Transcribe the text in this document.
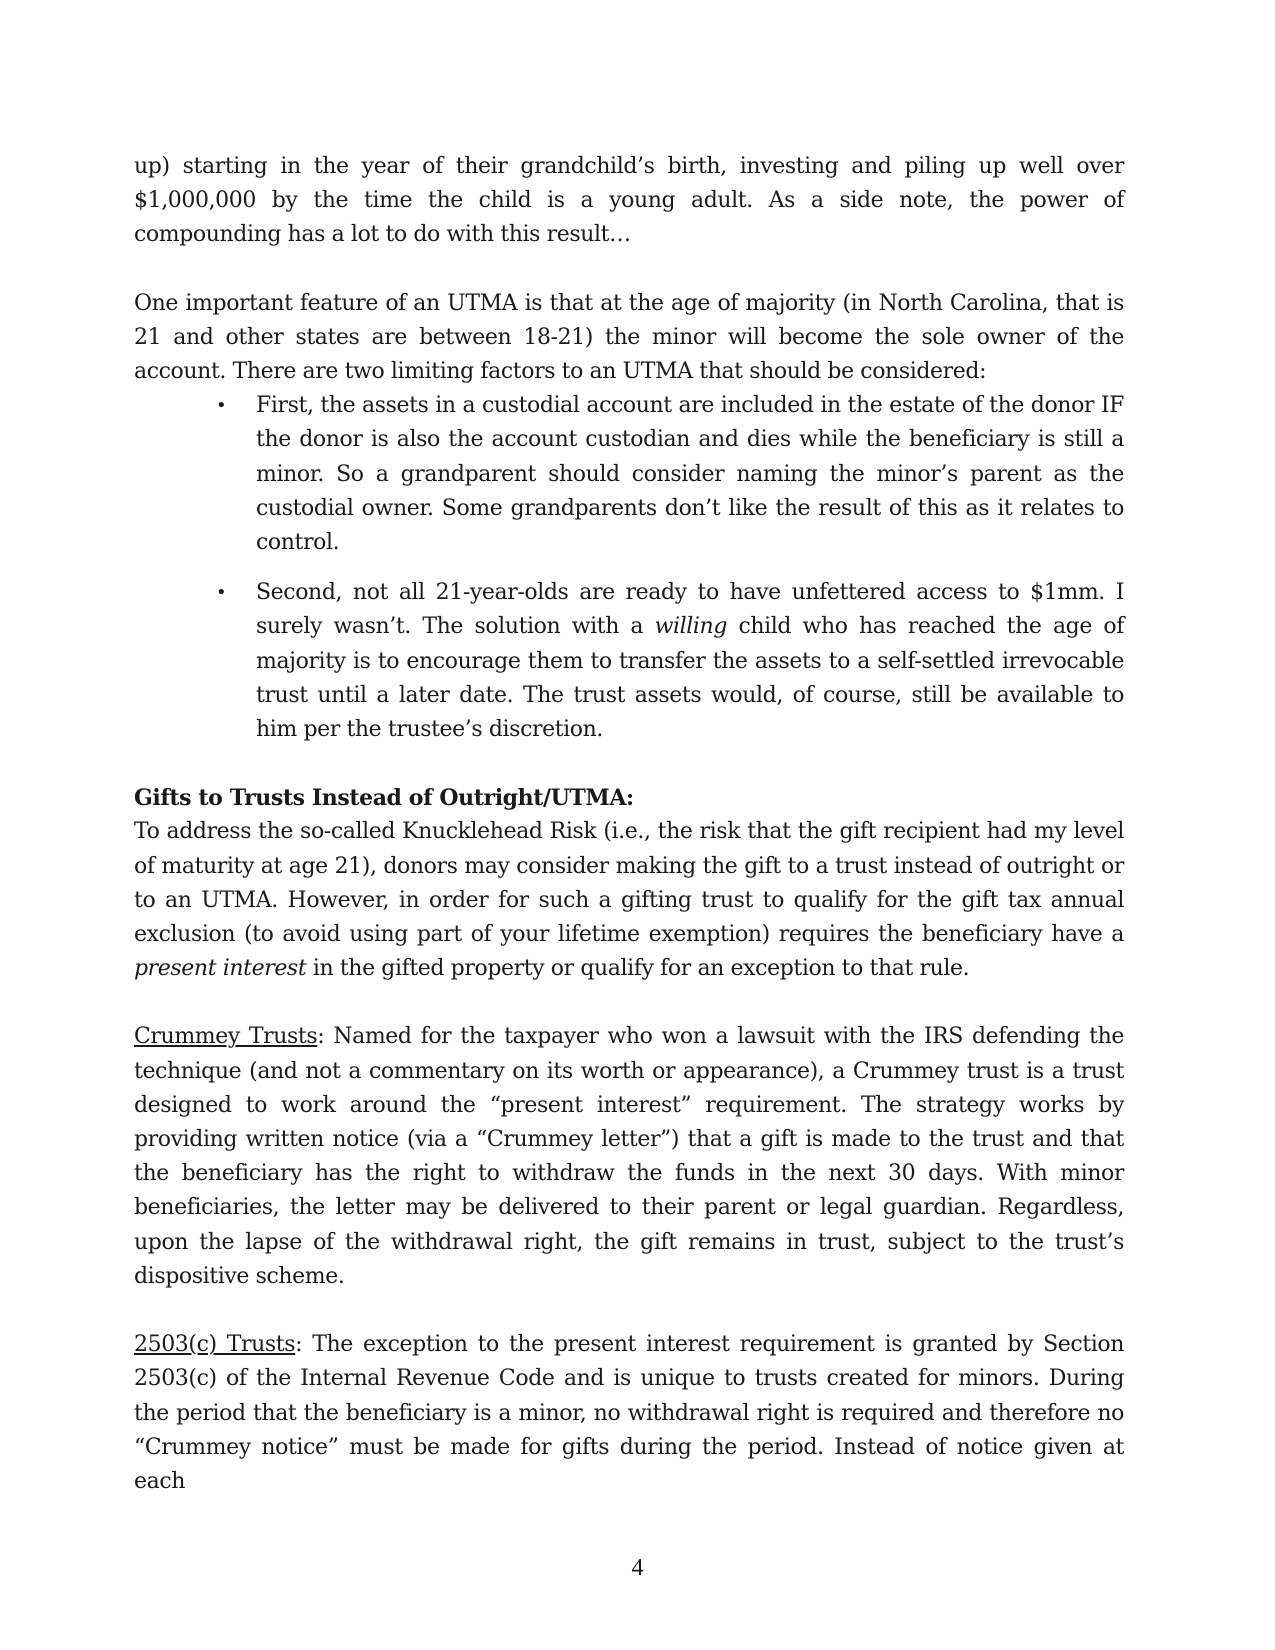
up) starting in the year of their grandchild’s birth, investing and piling up well over $1,000,000 by the time the child is a young adult. As a side note, the power of compounding has a lot to do with this result…

One important feature of an UTMA is that at the age of majority (in North Carolina, that is 21 and other states are between 18-21) the minor will become the sole owner of the account. There are two limiting factors to an UTMA that should be considered:

• First, the assets in a custodial account are included in the estate of the donor IF the donor is also the account custodian and dies while the beneficiary is still a minor. So a grandparent should consider naming the minor’s parent as the custodial owner. Some grandparents don’t like the result of this as it relates to control.
• Second, not all 21-year-olds are ready to have unfettered access to $1mm. I surely wasn’t. The solution with a willing child who has reached the age of majority is to encourage them to transfer the assets to a self-settled irrevocable trust until a later date. The trust assets would, of course, still be available to him per the trustee’s discretion.

Gifts to Trusts Instead of Outright/UTMA:

To address the so-called Knucklehead Risk (i.e., the risk that the gift recipient had my level of maturity at age 21), donors may consider making the gift to a trust instead of outright or to an UTMA. However, in order for such a gifting trust to qualify for the gift tax annual exclusion (to avoid using part of your lifetime exemption) requires the beneficiary have a present interest in the gifted property or qualify for an exception to that rule.

Crummey Trusts: Named for the taxpayer who won a lawsuit with the IRS defending the technique (and not a commentary on its worth or appearance), a Crummey trust is a trust designed to work around the “present interest” requirement. The strategy works by providing written notice (via a “Crummey letter”) that a gift is made to the trust and that the beneficiary has the right to withdraw the funds in the next 30 days. With minor beneficiaries, the letter may be delivered to their parent or legal guardian. Regardless, upon the lapse of the withdrawal right, the gift remains in trust, subject to the trust’s dispositive scheme.

2503(c) Trusts: The exception to the present interest requirement is granted by Section 2503(c) of the Internal Revenue Code and is unique to trusts created for minors. During the period that the beneficiary is a minor, no withdrawal right is required and therefore no “Crummey notice” must be made for gifts during the period. Instead of notice given at each

4
